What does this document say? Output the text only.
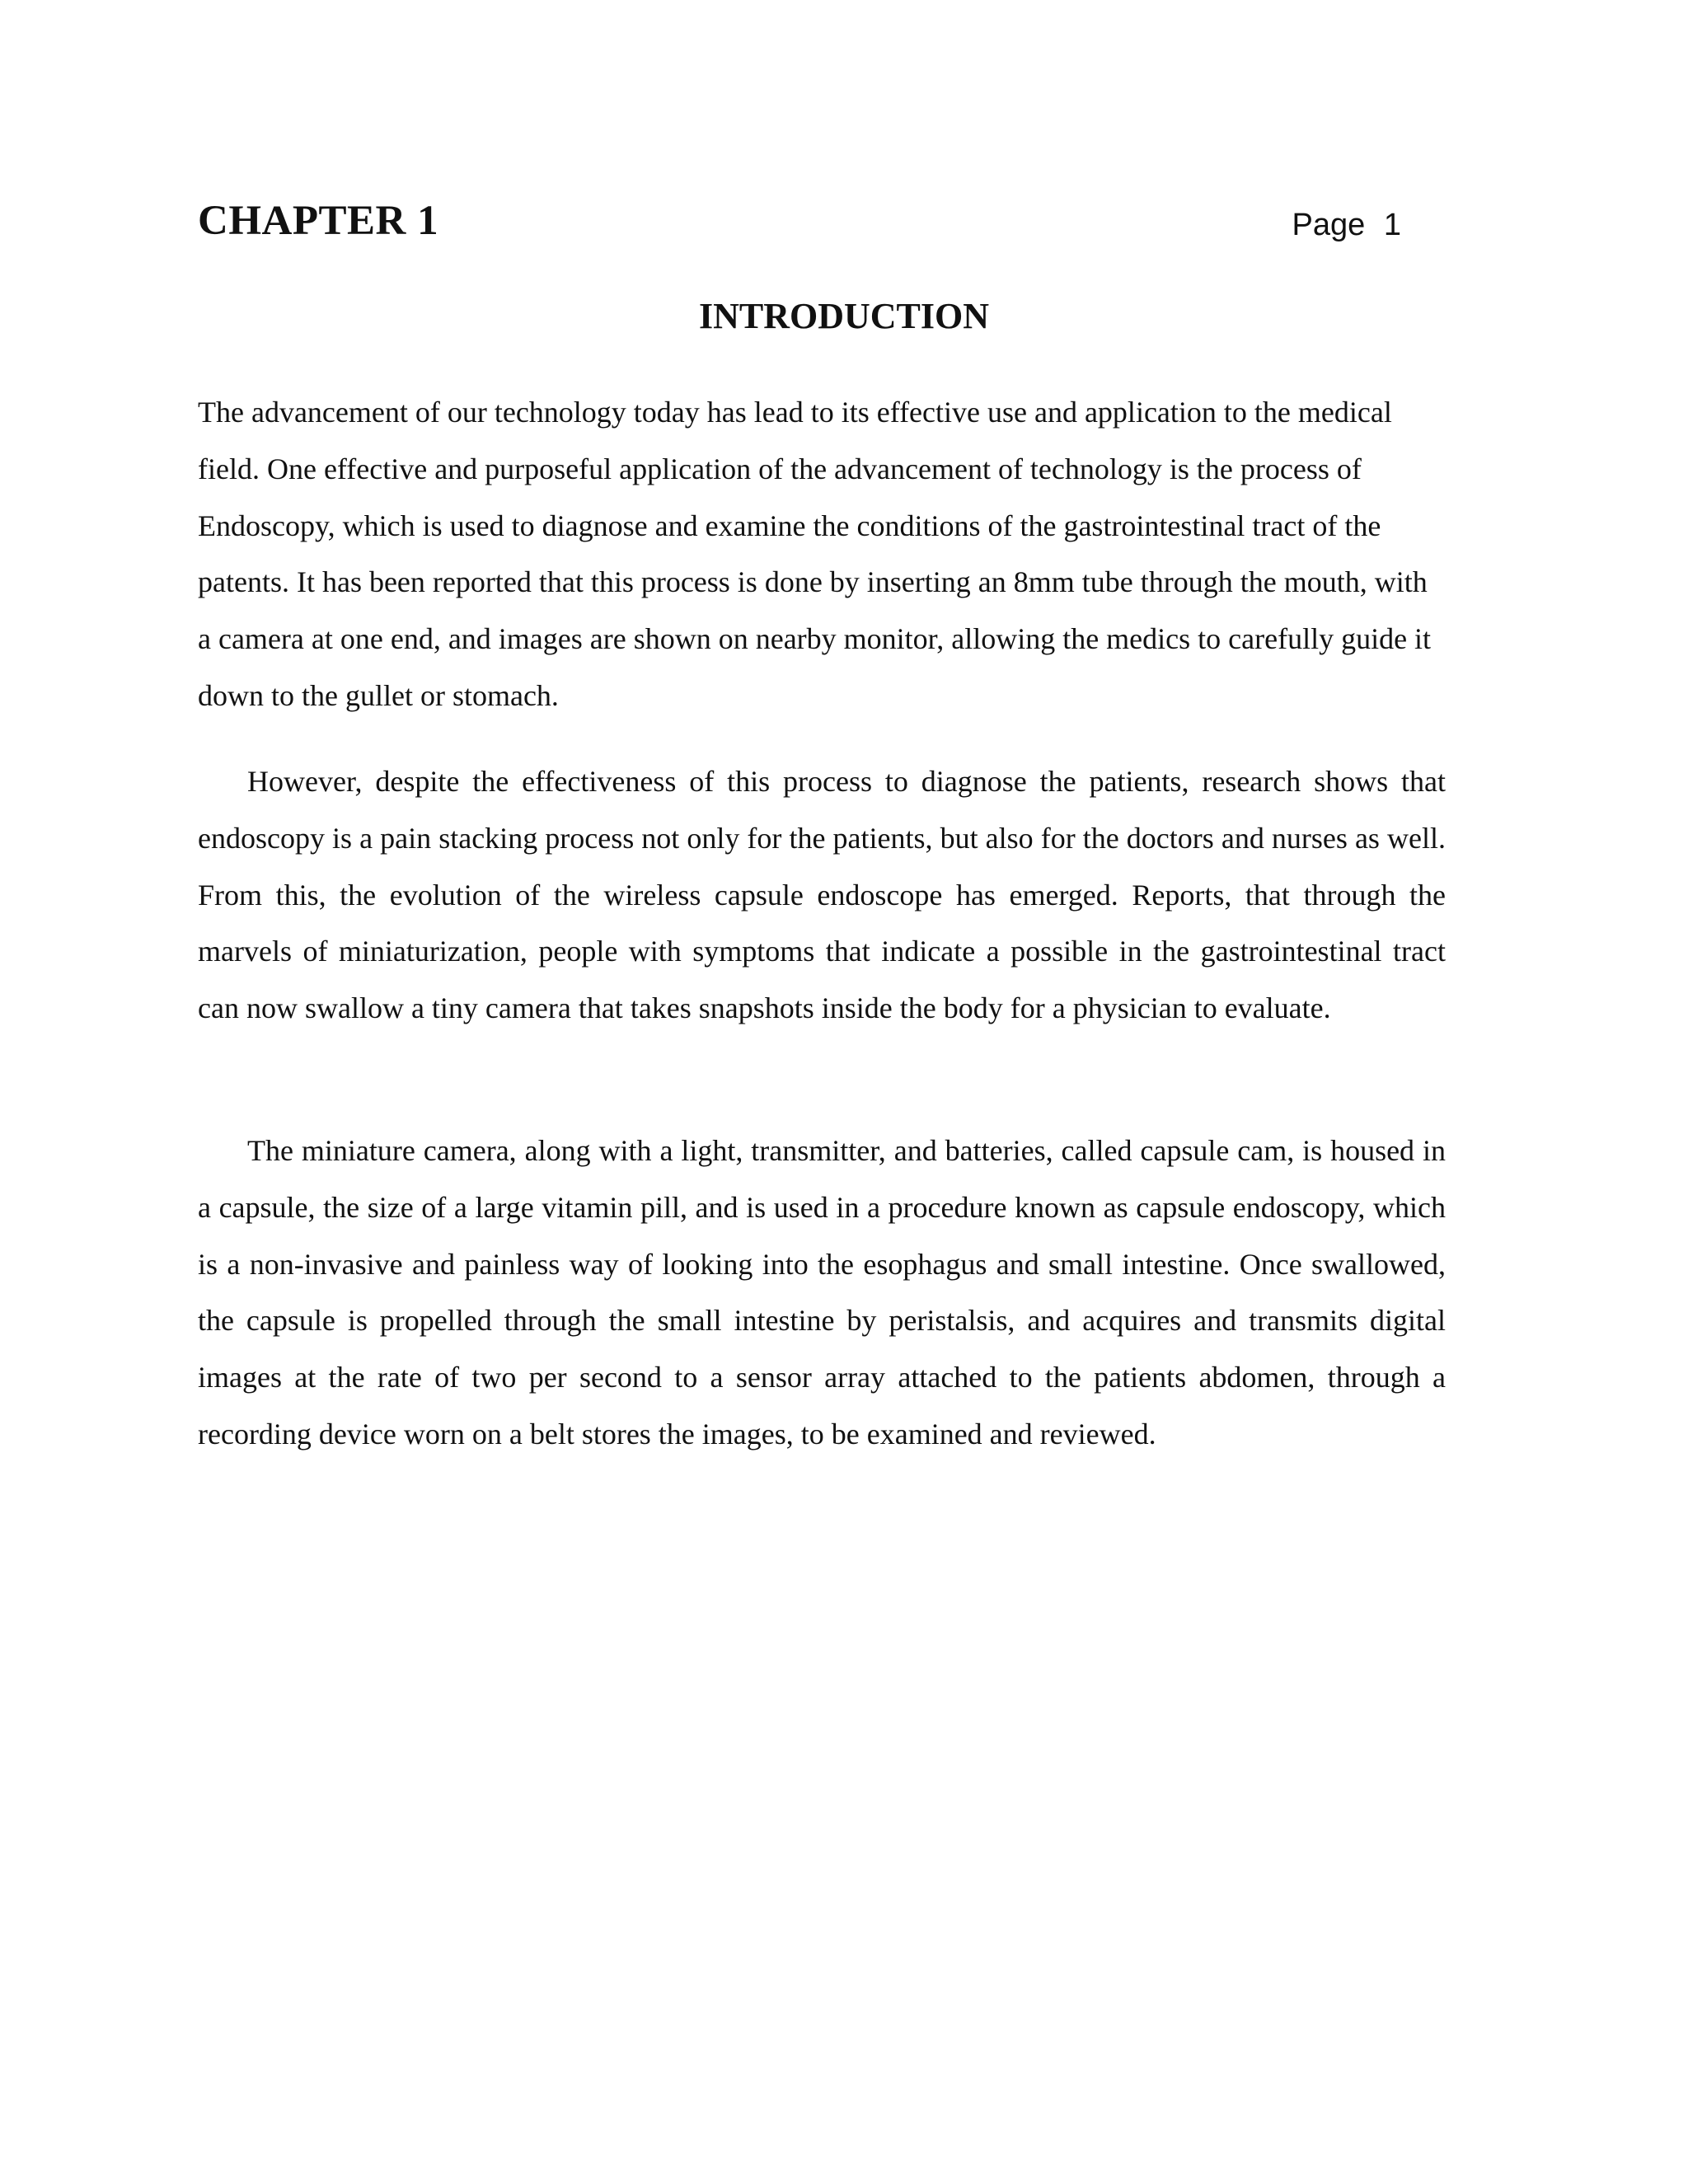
CHAPTER 1	Page 1
INTRODUCTION

The advancement of our technology today has lead to its effective use and application to the medical field. One effective and purposeful application of the advancement of technology is the process of Endoscopy, which is used to diagnose and examine the conditions of the gastrointestinal tract of the patents. It has been reported that this process is done by inserting an 8mm tube through the mouth, with a camera at one end, and images are shown on nearby monitor, allowing the medics to carefully guide it down to the gullet or stomach.

However, despite the effectiveness of this process to diagnose the patients, research shows that endoscopy is a pain stacking process not only for the patients, but also for the doctors and nurses as well. From this, the evolution of the wireless capsule endoscope has emerged. Reports, that through the marvels of miniaturization, people with symptoms that indicate a possible in the gastrointestinal tract can now swallow a tiny camera that takes snapshots inside the body for a physician to evaluate.

The miniature camera, along with a light, transmitter, and batteries, called capsule cam, is housed in a capsule, the size of a large vitamin pill, and is used in a procedure known as capsule endoscopy, which is a non-invasive and painless way of looking into the esophagus and small intestine. Once swallowed, the capsule is propelled through the small intestine by peristalsis, and acquires and transmits digital images at the rate of two per second to a sensor array attached to the patients abdomen, through a recording device worn on a belt stores the images, to be examined and reviewed.
